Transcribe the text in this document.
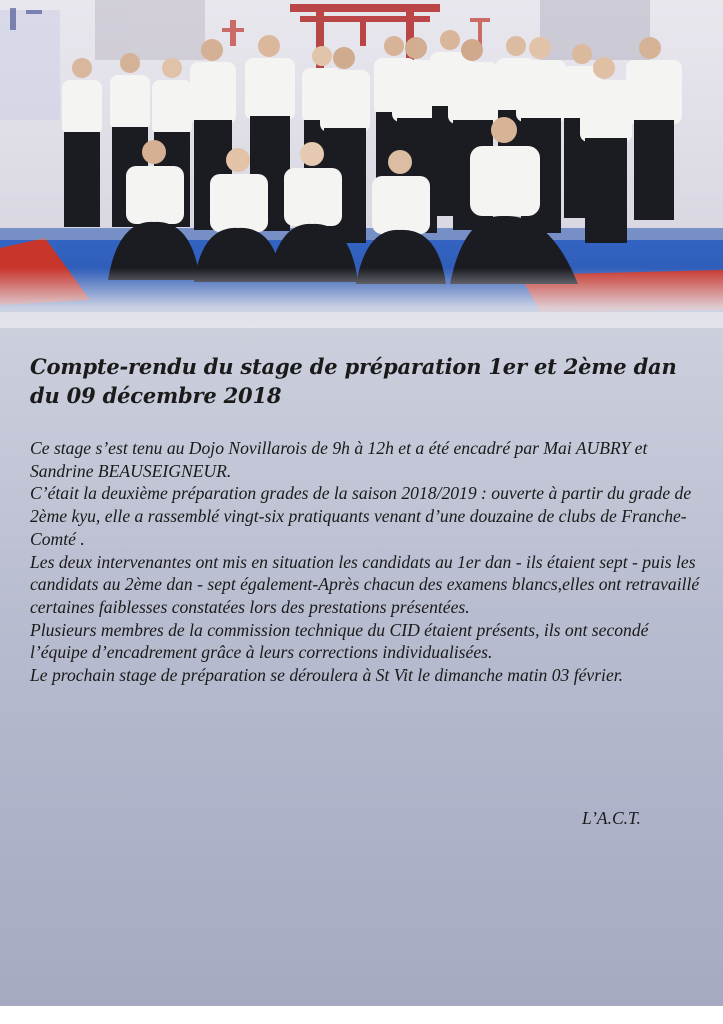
Compte-rendu du stage de préparation 1er et 2ème dan
du 09 décembre 2018

Ce stage s’est tenu au Dojo Novillarois de 9h à 12h et a été encadré par Mai AUBRY et Sandrine BEAUSEIGNEUR.

C’était la deuxième préparation grades de la saison 2018/2019 : ouverte à partir du grade de 2ème kyu, elle a rassemblé vingt-six pratiquants venant d’une douzaine de clubs de Franche-Comté .

Les deux intervenantes ont mis en situation les candidats au 1er dan - ils étaient sept - puis les candidats au 2ème dan - sept également-Après chacun des examens blancs,elles ont retravaillé certaines faiblesses constatées lors des prestations présentées.

Plusieurs membres de la commission technique du CID étaient présents, ils ont secondé l’équipe d’encadrement grâce à leurs corrections individualisées.

Le prochain stage de préparation se déroulera à St Vit le dimanche matin 03 février.

L’A.C.T.
